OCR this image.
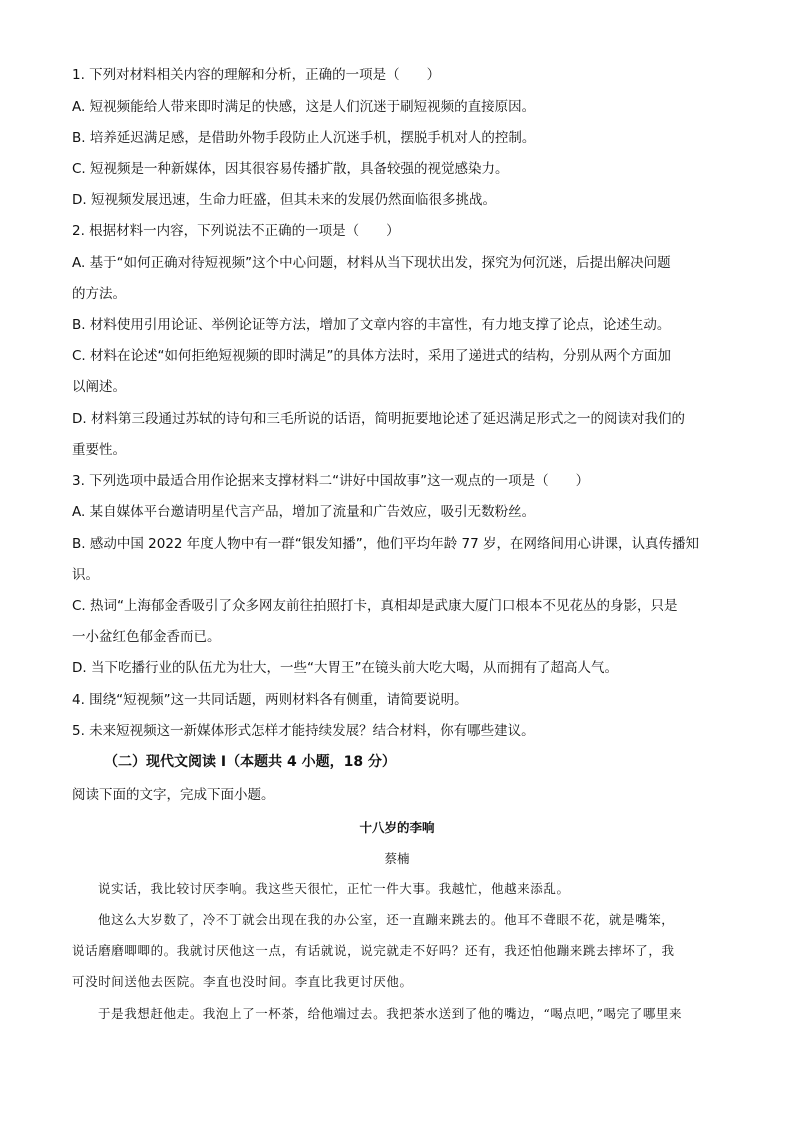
1. 下列对材料相关内容的理解和分析，正确的一项是（　　）
A. 短视频能给人带来即时满足的快感，这是人们沉迷于刷短视频的直接原因。
B. 培养延迟满足感，是借助外物手段防止人沉迷手机，摆脱手机对人的控制。
C. 短视频是一种新媒体，因其很容易传播扩散，具备较强的视觉感染力。
D. 短视频发展迅速，生命力旺盛，但其未来的发展仍然面临很多挑战。
2. 根据材料一内容，下列说法不正确的一项是（　　）
A. 基于“如何正确对待短视频”这个中心问题，材料从当下现状出发，探究为何沉迷，后提出解决问题
的方法。
B. 材料使用引用论证、举例论证等方法，增加了文章内容的丰富性，有力地支撑了论点，论述生动。
C. 材料在论述“如何拒绝短视频的即时满足”的具体方法时，采用了递进式的结构，分别从两个方面加
以阐述。
D. 材料第三段通过苏轼的诗句和三毛所说的话语，简明扼要地论述了延迟满足形式之一的阅读对我们的
重要性。
3. 下列选项中最适合用作论据来支撑材料二“讲好中国故事”这一观点的一项是（　　）
A. 某自媒体平台邀请明星代言产品，增加了流量和广告效应，吸引无数粉丝。
B. 感动中国 2022 年度人物中有一群“银发知播”，他们平均年龄 77 岁，在网络间用心讲课，认真传播知
识。
C. 热词“上海郁金香吸引了众多网友前往拍照打卡，真相却是武康大厦门口根本不见花丛的身影，只是
一小盆红色郁金香而已。
D. 当下吃播行业的队伍尤为壮大，一些“大胃王”在镜头前大吃大喝，从而拥有了超高人气。
4. 围绕“短视频”这一共同话题，两则材料各有侧重，请简要说明。
5. 未来短视频这一新媒体形式怎样才能持续发展？结合材料，你有哪些建议。
（二）现代文阅读 I（本题共 4 小题，18 分）
阅读下面的文字，完成下面小题。
十八岁的李响
蔡楠
说实话，我比较讨厌李响。我这些天很忙，正忙一件大事。我越忙，他越来添乱。
他这么大岁数了，冷不丁就会出现在我的办公室，还一直蹦来跳去的。他耳不聋眼不花，就是嘴笨，
说话磨磨唧唧的。我就讨厌他这一点，有话就说，说完就走不好吗？还有，我还怕他蹦来跳去摔坏了，我
可没时间送他去医院。李直也没时间。李直比我更讨厌他。
于是我想赶他走。我泡上了一杯茶，给他端过去。我把茶水送到了他的嘴边，“喝点吧，”喝完了哪里来
